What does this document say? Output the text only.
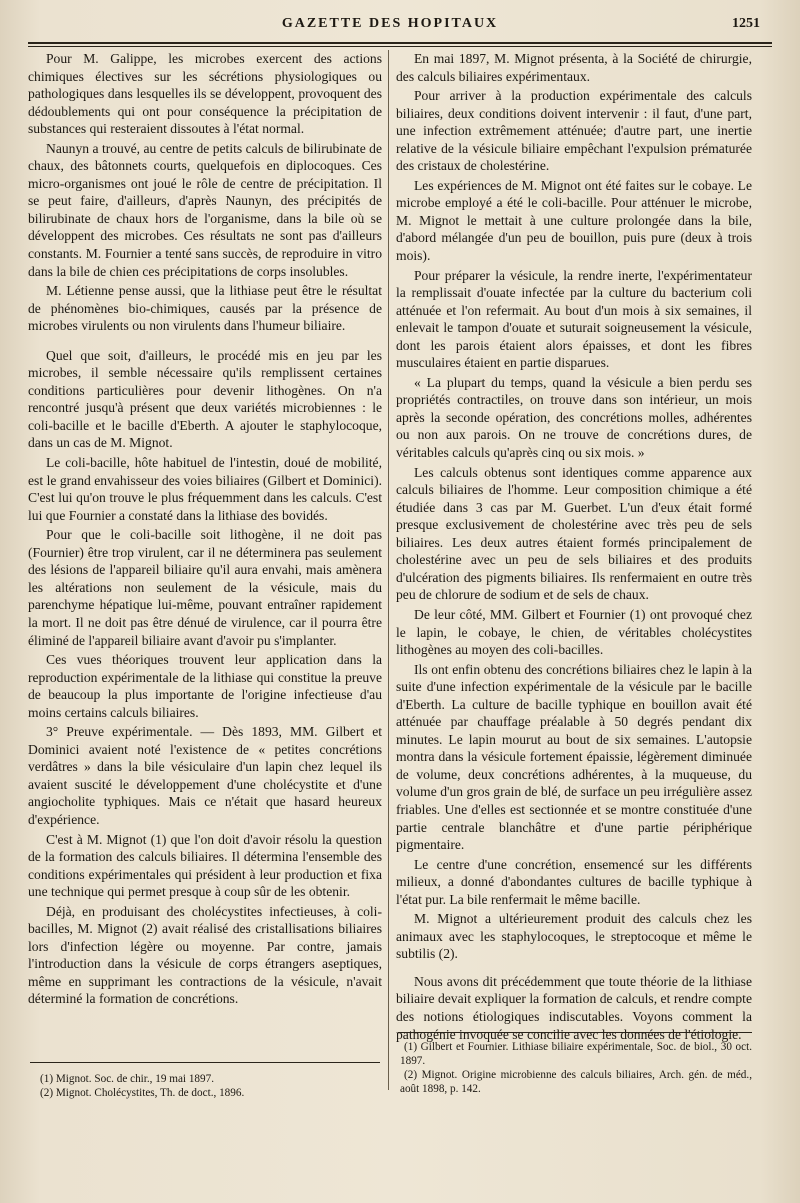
GAZETTE DES HOPITAUX	1251

Pour M. Galippe, les microbes exercent des actions chimiques électives sur les sécrétions physiologiques ou pathologiques dans lesquelles ils se développent, provoquent des dédoublements qui ont pour conséquence la précipitation de substances qui resteraient dissoutes à l'état normal.

Naunyn a trouvé, au centre de petits calculs de bilirubinate de chaux, des bâtonnets courts, quelquefois en diplocoques. Ces micro-organismes ont joué le rôle de centre de précipitation. Il se peut faire, d'ailleurs, d'après Naunyn, des précipités de bilirubinate de chaux hors de l'organisme, dans la bile où se développent des microbes. Ces résultats ne sont pas d'ailleurs constants. M. Fournier a tenté sans succès, de reproduire in vitro dans la bile de chien ces précipitations de corps insolubles.

M. Létienne pense aussi, que la lithiase peut être le résultat de phénomènes bio-chimiques, causés par la présence de microbes virulents ou non virulents dans l'humeur biliaire.

Quel que soit, d'ailleurs, le procédé mis en jeu par les microbes, il semble nécessaire qu'ils remplissent certaines conditions particulières pour devenir lithogènes. On n'a rencontré jusqu'à présent que deux variétés microbiennes : le coli-bacille et le bacille d'Eberth. A ajouter le staphylocoque, dans un cas de M. Mignot.

Le coli-bacille, hôte habituel de l'intestin, doué de mobilité, est le grand envahisseur des voies biliaires (Gilbert et Dominici). C'est lui qu'on trouve le plus fréquemment dans les calculs. C'est lui que Fournier a constaté dans la lithiase des bovidés.

Pour que le coli-bacille soit lithogène, il ne doit pas (Fournier) être trop virulent, car il ne déterminera pas seulement des lésions de l'appareil biliaire qu'il aura envahi, mais amènera les altérations non seulement de la vésicule, mais du parenchyme hépatique lui-même, pouvant entraîner rapidement la mort. Il ne doit pas être dénué de virulence, car il pourra être éliminé de l'appareil biliaire avant d'avoir pu s'implanter.

Ces vues théoriques trouvent leur application dans la reproduction expérimentale de la lithiase qui constitue la preuve de beaucoup la plus importante de l'origine infectieuse d'au moins certains calculs biliaires.

3° Preuve expérimentale. — Dès 1893, MM. Gilbert et Dominici avaient noté l'existence de « petites concrétions verdâtres » dans la bile vésiculaire d'un lapin chez lequel ils avaient suscité le développement d'une cholécystite et d'une angiocholite typhiques. Mais ce n'était que hasard heureux d'expérience.

C'est à M. Mignot (1) que l'on doit d'avoir résolu la question de la formation des calculs biliaires. Il détermina l'ensemble des conditions expérimentales qui président à leur production et fixa une technique qui permet presque à coup sûr de les obtenir.

Déjà, en produisant des cholécystites infectieuses, à coli-bacilles, M. Mignot (2) avait réalisé des cristallisations biliaires lors d'infection légère ou moyenne. Par contre, jamais l'introduction dans la vésicule de corps étrangers aseptiques, même en supprimant les contractions de la vésicule, n'avait déterminé la formation de concrétions.

En mai 1897, M. Mignot présenta, à la Société de chirurgie, des calculs biliaires expérimentaux.

Pour arriver à la production expérimentale des calculs biliaires, deux conditions doivent intervenir : il faut, d'une part, une infection extrêmement atténuée; d'autre part, une inertie relative de la vésicule biliaire empêchant l'expulsion prématurée des cristaux de cholestérine.

Les expériences de M. Mignot ont été faites sur le cobaye. Le microbe employé a été le coli-bacille. Pour atténuer le microbe, M. Mignot le mettait à une culture prolongée dans la bile, d'abord mélangée d'un peu de bouillon, puis pure (deux à trois mois).

Pour préparer la vésicule, la rendre inerte, l'expérimentateur la remplissait d'ouate infectée par la culture du bacterium coli atténuée et l'on refermait. Au bout d'un mois à six semaines, il enlevait le tampon d'ouate et suturait soigneusement la vésicule, dont les parois étaient alors épaisses, et dont les fibres musculaires étaient en partie disparues.

« La plupart du temps, quand la vésicule a bien perdu ses propriétés contractiles, on trouve dans son intérieur, un mois après la seconde opération, des concrétions molles, adhérentes ou non aux parois. On ne trouve de concrétions dures, de véritables calculs qu'après cinq ou six mois. »

Les calculs obtenus sont identiques comme apparence aux calculs biliaires de l'homme. Leur composition chimique a été étudiée dans 3 cas par M. Guerbet. L'un d'eux était formé presque exclusivement de cholestérine avec très peu de sels biliaires. Les deux autres étaient formés principalement de cholestérine avec un peu de sels biliaires et des produits d'ulcération des pigments biliaires. Ils renfermaient en outre très peu de chlorure de sodium et de sels de chaux.

De leur côté, MM. Gilbert et Fournier (1) ont provoqué chez le lapin, le cobaye, le chien, de véritables cholécystites lithogènes au moyen des coli-bacilles.

Ils ont enfin obtenu des concrétions biliaires chez le lapin à la suite d'une infection expérimentale de la vésicule par le bacille d'Eberth. La culture de bacille typhique en bouillon avait été atténuée par chauffage préalable à 50 degrés pendant dix minutes. Le lapin mourut au bout de six semaines. L'autopsie montra dans la vésicule fortement épaissie, légèrement diminuée de volume, deux concrétions adhérentes, à la muqueuse, du volume d'un gros grain de blé, de surface un peu irrégulière assez friables. Une d'elles est sectionnée et se montre constituée d'une partie centrale blanchâtre et d'une partie périphérique pigmentaire.

Le centre d'une concrétion, ensemencé sur les différents milieux, a donné d'abondantes cultures de bacille typhique à l'état pur. La bile renfermait le même bacille.

M. Mignot a ultérieurement produit des calculs chez les animaux avec les staphylocoques, le streptocoque et même le subtilis (2).

Nous avons dit précédemment que toute théorie de la lithiase biliaire devait expliquer la formation de calculs, et rendre compte des notions étiologiques indiscutables. Voyons comment la pathogénie invoquée se concilie avec les données de l'étiologie.

(1) Mignot. Soc. de chir., 19 mai 1897.
(2) Mignot. Cholécystites, Th. de doct., 1896.
(1) Gilbert et Fournier. Lithiase biliaire expérimentale, Soc. de biol., 30 oct. 1897.
(2) Mignot. Origine microbienne des calculs biliaires, Arch. gén. de méd., août 1898, p. 142.
